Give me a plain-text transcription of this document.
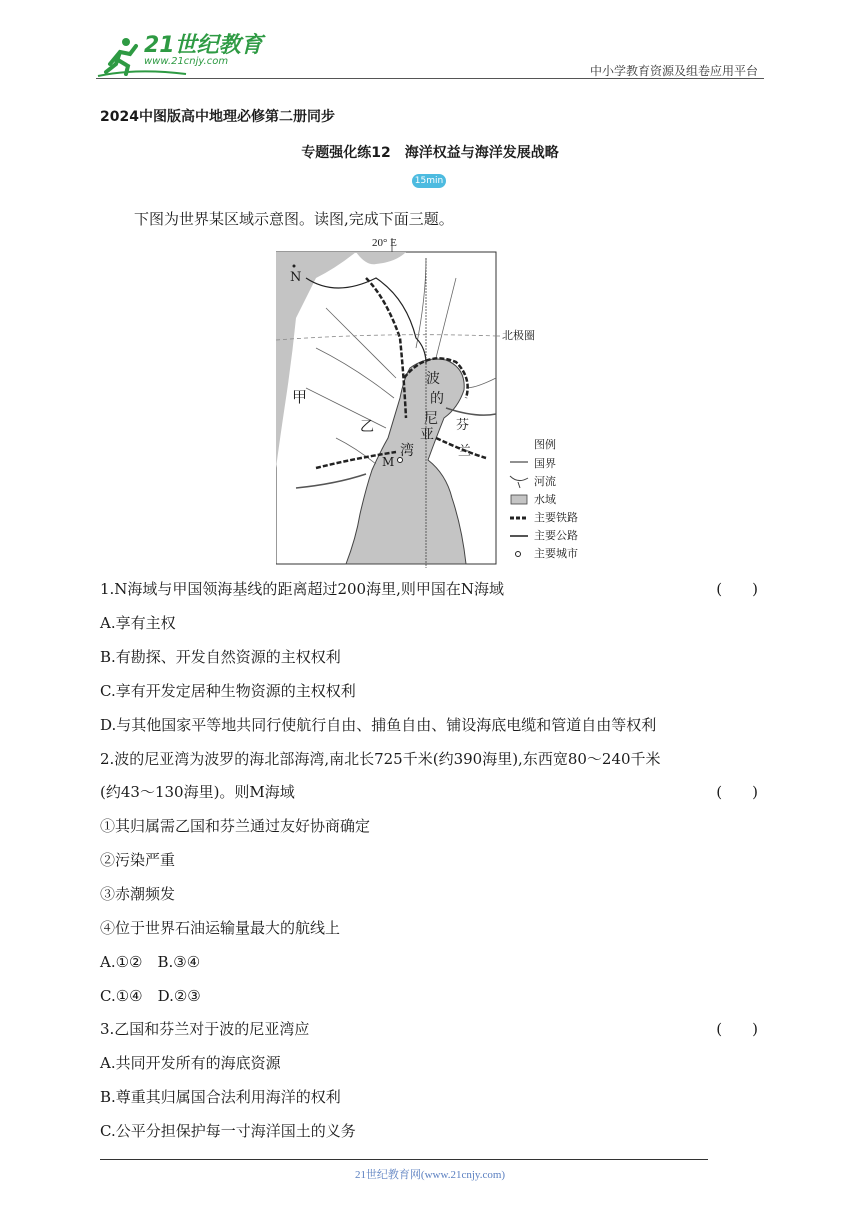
21世纪教育
www.21cnjy.com
中小学教育资源及组卷应用平台
2024中图版高中地理必修第二册同步
专题强化练12　海洋权益与海洋发展战略
15min
下图为世界某区域示意图。读图,完成下面三题。
20° E
N
北极圈
甲
乙
M
波
的
尼
亚
湾
芬
兰	图例
国界
河流
水域
主要铁路
主要公路
主要城市
1.N海域与甲国领海基线的距离超过200海里,则甲国在N海域	(　　)
A.享有主权
B.有勘探、开发自然资源的主权权利
C.享有开发定居种生物资源的主权权利
D.与其他国家平等地共同行使航行自由、捕鱼自由、铺设海底电缆和管道自由等权利
2.波的尼亚湾为波罗的海北部海湾,南北长725千米(约390海里),东西宽80～240千米
(约43～130海里)。则M海域	(　　)
①其归属需乙国和芬兰通过友好协商确定
②污染严重
③赤潮频发
④位于世界石油运输量最大的航线上
A.①②　B.③④
C.①④　D.②③
3.乙国和芬兰对于波的尼亚湾应	(　　)
A.共同开发所有的海底资源
B.尊重其归属国合法利用海洋的权利
C.公平分担保护每一寸海洋国土的义务
21世纪教育网(www.21cnjy.com)
